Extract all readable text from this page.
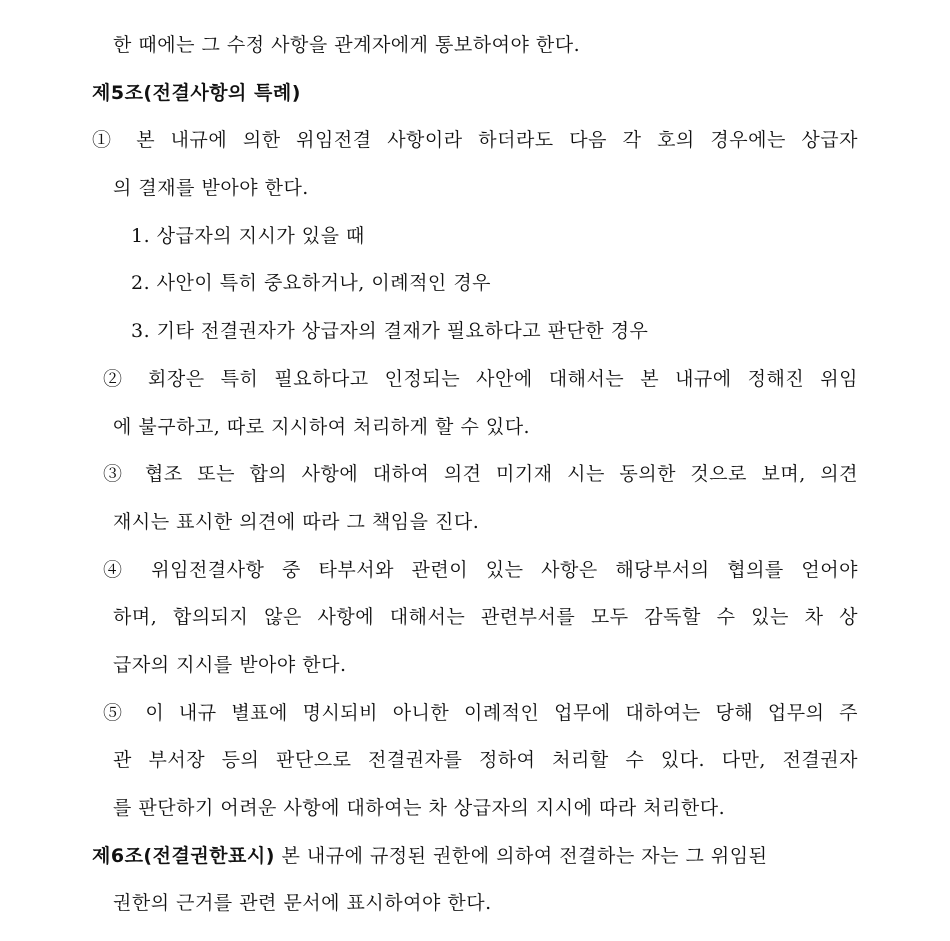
한 때에는 그 수정 사항을 관계자에게 통보하여야 한다.
제5조(전결사항의 특례)
① 본 내규에 의한 위임전결 사항이라 하더라도 다음 각 호의 경우에는 상급자
의 결재를 받아야 한다.
1. 상급자의 지시가 있을 때
2. 사안이 특히 중요하거나, 이례적인 경우
3. 기타 전결권자가 상급자의 결재가 필요하다고 판단한 경우
② 회장은 특히 필요하다고 인정되는 사안에 대해서는 본 내규에 정해진 위임
에 불구하고, 따로 지시하여 처리하게 할 수 있다.
③ 협조 또는 합의 사항에 대하여 의견 미기재 시는 동의한 것으로 보며, 의견
재시는 표시한 의견에 따라 그 책임을 진다.
④ 위임전결사항 중 타부서와 관련이 있는 사항은 해당부서의 협의를 얻어야
하며, 합의되지 않은 사항에 대해서는 관련부서를 모두 감독할 수 있는 차 상
급자의 지시를 받아야 한다.
⑤ 이 내규 별표에 명시되비 아니한 이례적인 업무에 대하여는 당해 업무의 주
관 부서장 등의 판단으로 전결권자를 정하여 처리할 수 있다. 다만, 전결권자
를 판단하기 어려운 사항에 대하여는 차 상급자의 지시에 따라 처리한다.
제6조(전결권한표시) 본 내규에 규정된 권한에 의하여 전결하는 자는 그 위임된
권한의 근거를 관련 문서에 표시하여야 한다.
